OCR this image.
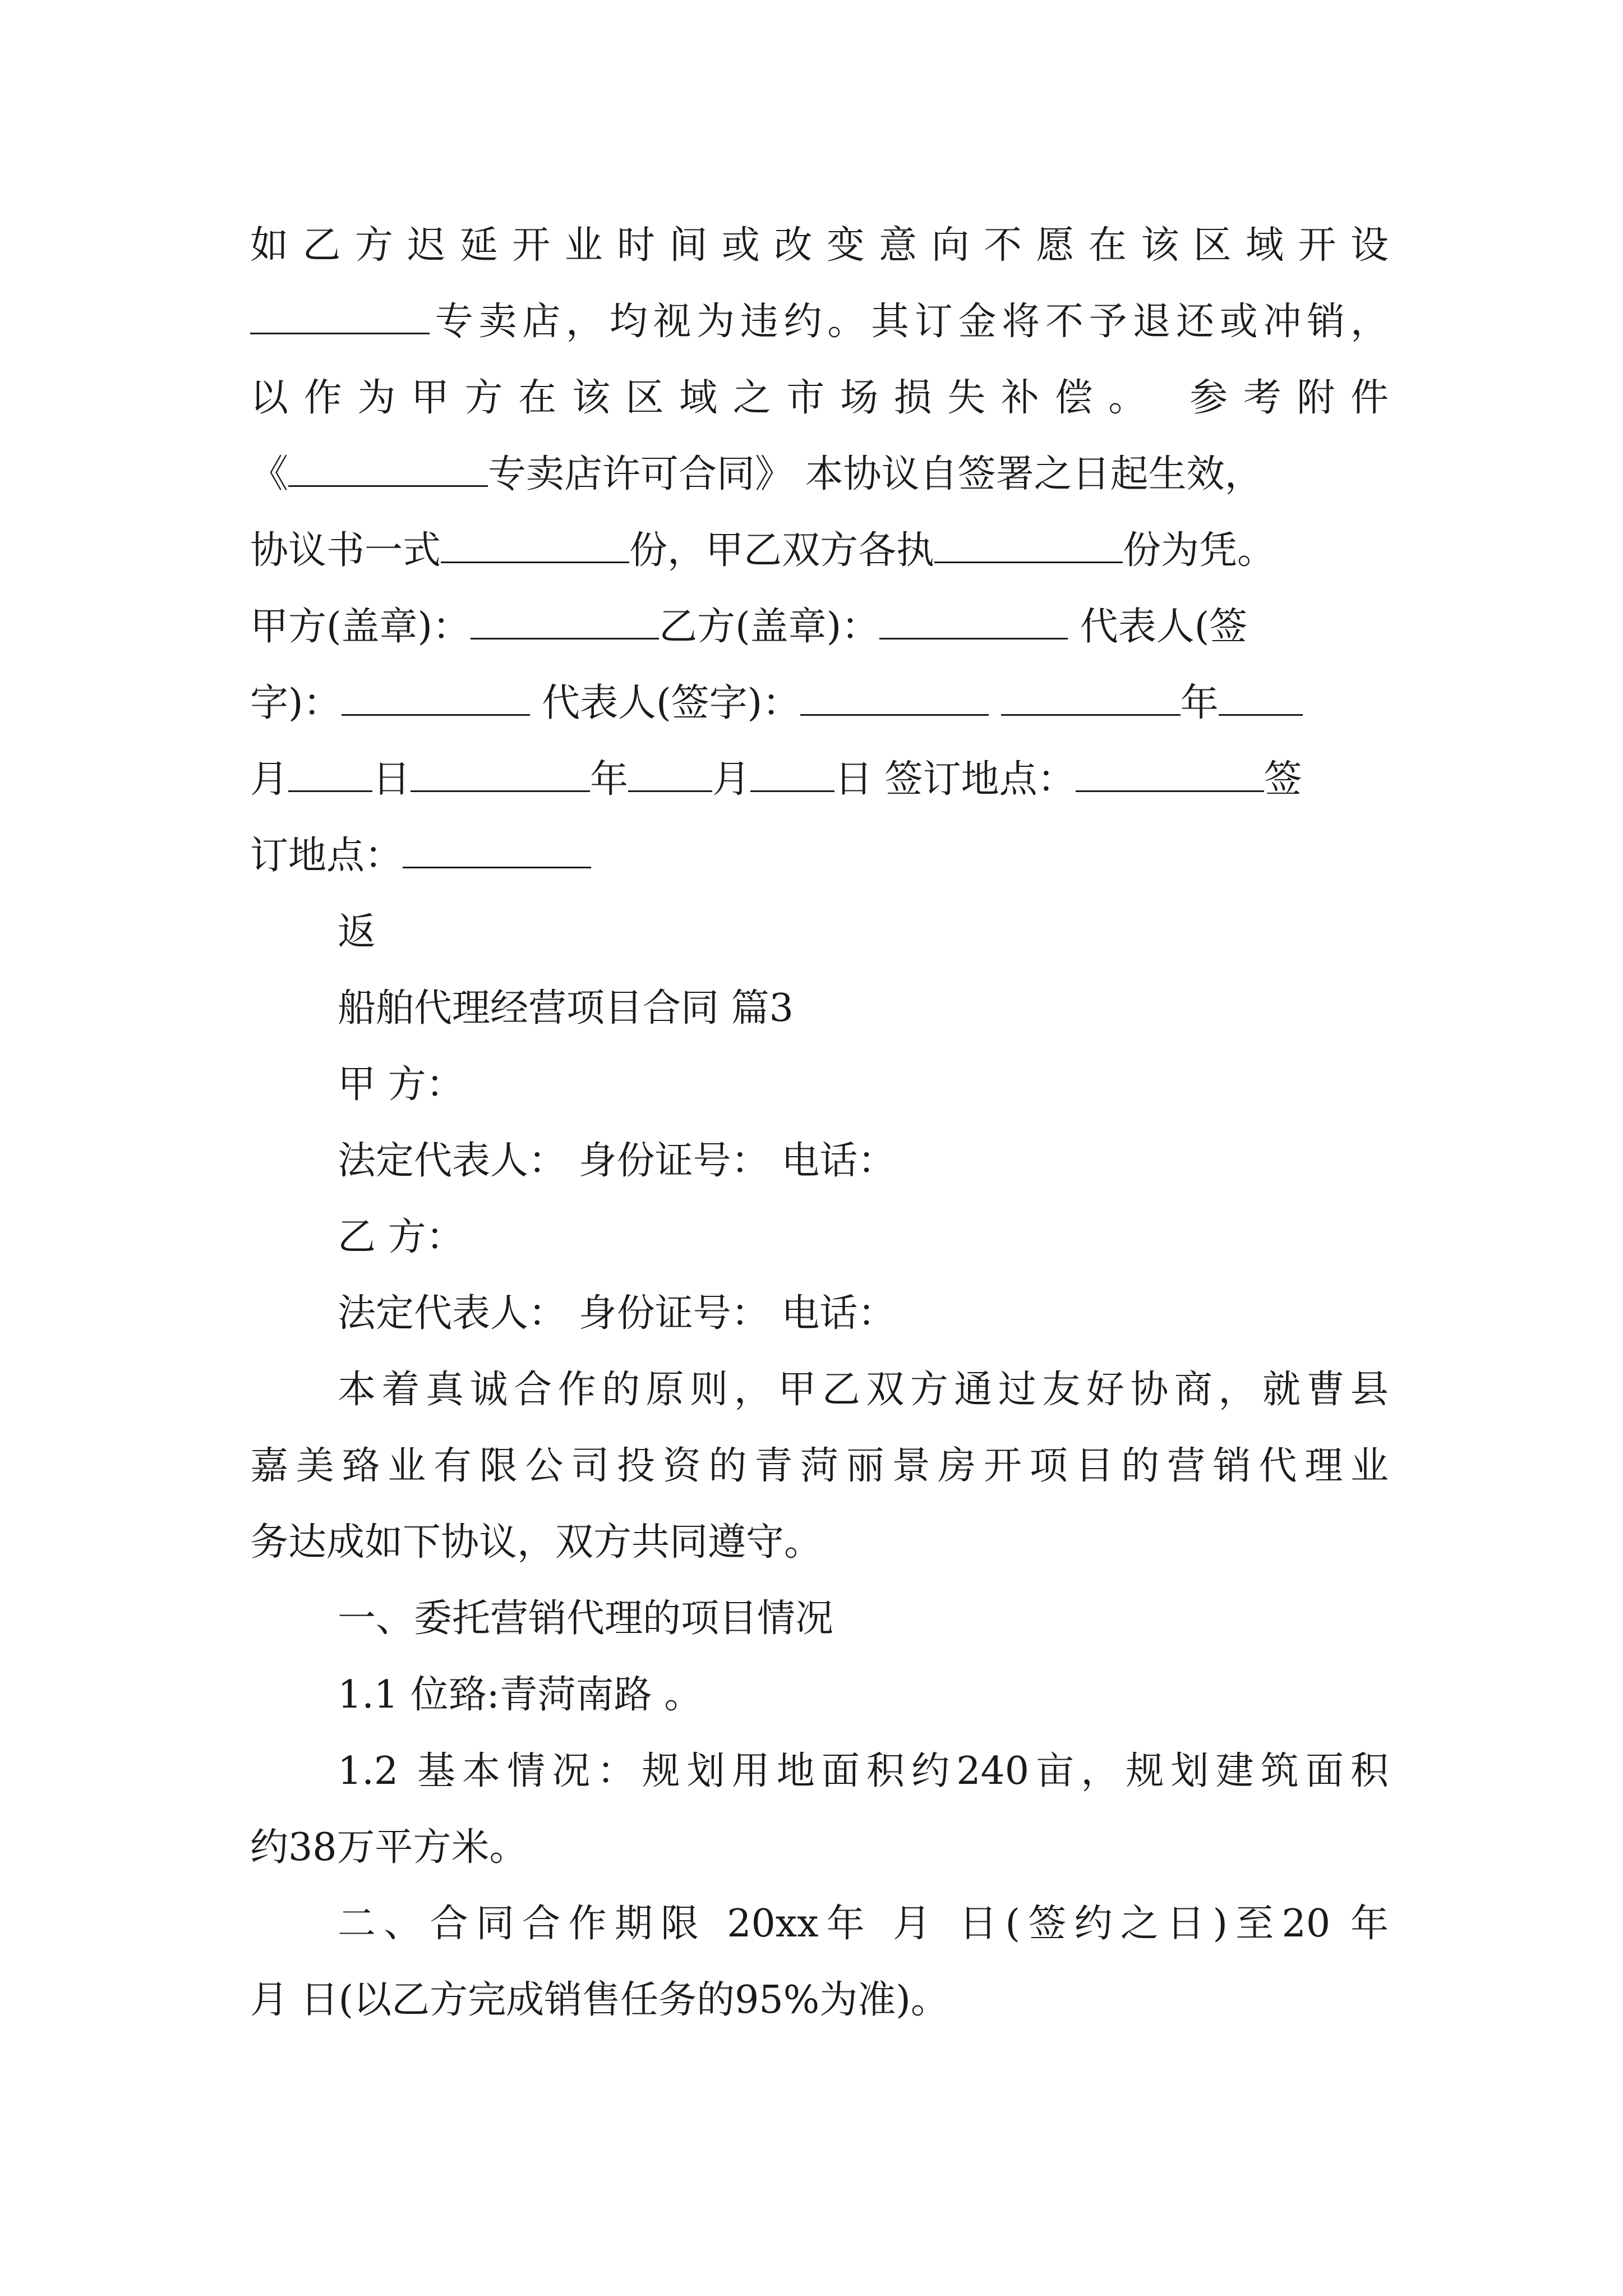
如乙方迟延开业时间或改变意向不愿在该区域开设
专卖店，均视为违约。其订金将不予退还或冲销，
以作为甲方在该区域之市场损失补偿。 参考附件
《	专卖店许可合同》 本协议自签署之日起生效，
协议书一式	份，甲乙双方各执	份为凭。
甲方(盖章)：	乙方(盖章)：	代表人(签
字)：	代表人(签字)：	年
月 日	年 月 日 签订地点：	签
订地点：
返
船舶代理经营项目合同 篇3
甲 方：
法定代表人： 身份证号： 电话：
乙 方：
法定代表人： 身份证号： 电话：
本着真诚合作的原则，甲乙双方通过友好协商，就曹县
嘉美臵业有限公司投资的青菏丽景房开项目的营销代理业
务达成如下协议，双方共同遵守。
一、委托营销代理的项目情况
1.1 位臵:青菏南路 。
1.2 基本情况：规划用地面积约240亩，规划建筑面积
约38万平方米。
二、合同合作期限 20xx年 月 日(签约之日)至20 年
月 日(以乙方完成销售任务的95%为准)。
